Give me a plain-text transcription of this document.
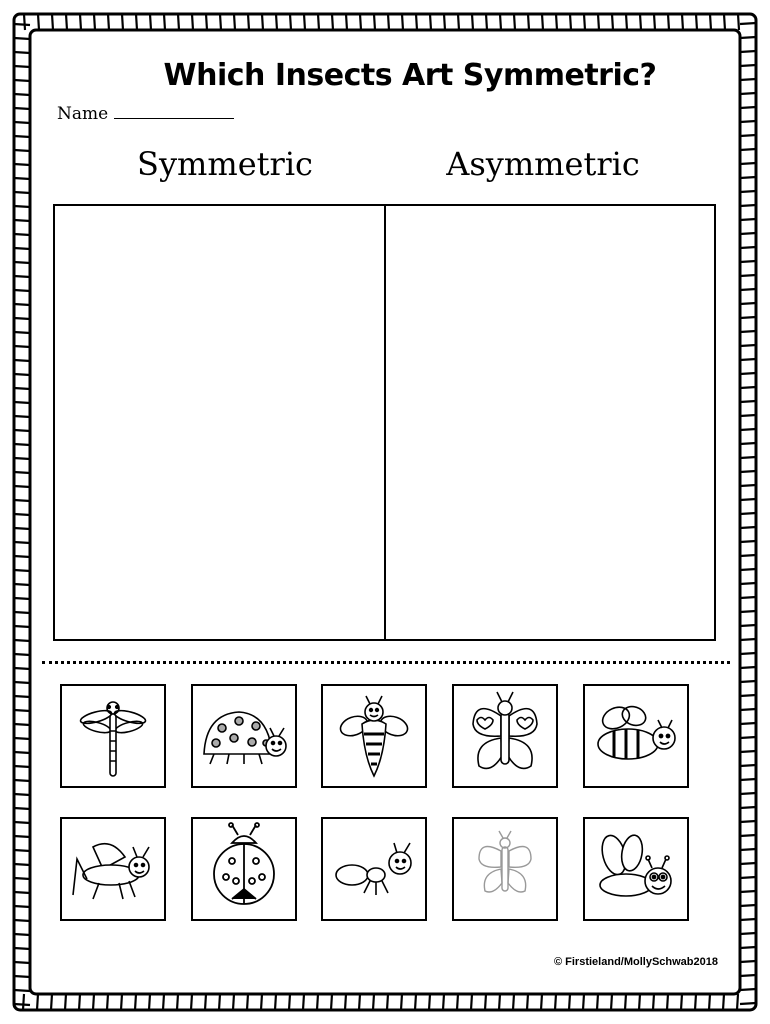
Which Insects Art Symmetric?
Name
Symmetric	Asymmetric
© Firstieland/MollySchwab2018
